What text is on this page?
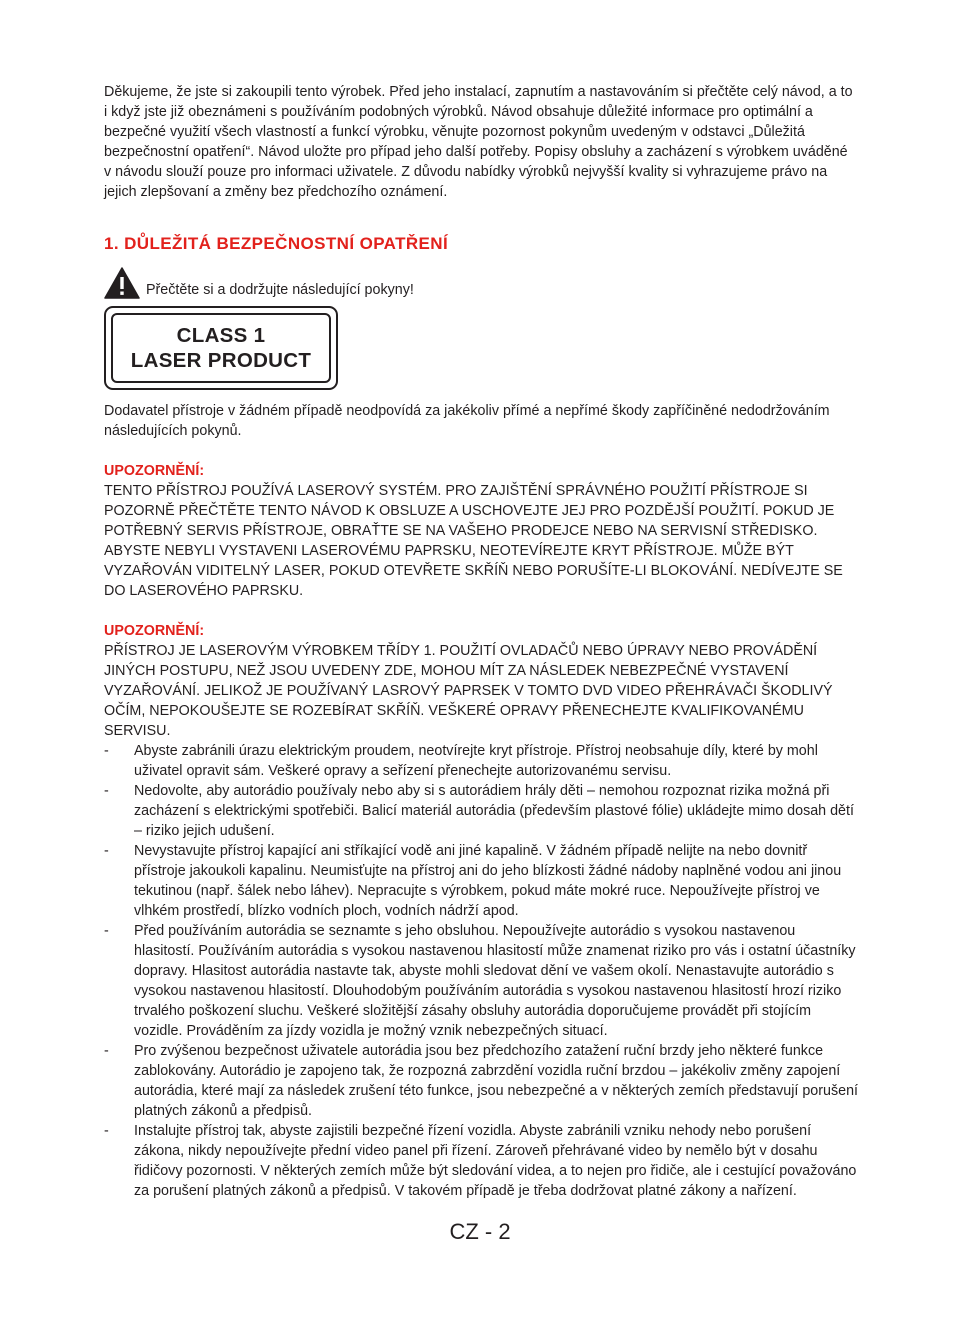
Děkujeme, že jste si zakoupili tento výrobek. Před jeho instalací, zapnutím a nastavováním si přečtěte celý návod, a to i když jste již obeznámeni s používáním podobných výrobků. Návod obsahuje důležité informace pro optimální a bezpečné využití všech vlastností a funkcí výrobku, věnujte pozornost pokynům uvedeným v odstavci „Důležitá bezpečnostní opatření“. Návod uložte pro případ jeho další potřeby. Popisy obsluhy a zacházení s výrobkem uváděné v návodu slouží pouze pro informaci uživatele. Z důvodu nabídky výrobků nejvyšší kvality si vyhrazujeme právo na jejich zlepšovaní a změny bez předchozího oznámení.

1. DŮLEŽITÁ BEZPEČNOSTNÍ OPATŘENÍ
Přečtěte si a dodržujte následující pokyny!
CLASS 1
LASER PRODUCT

Dodavatel přístroje v žádném případě neodpovídá za jakékoliv přímé a nepřímé škody zapříčiněné nedodržováním následujících pokynů.

UPOZORNĚNÍ:

TENTO PŘÍSTROJ POUŽÍVÁ LASEROVÝ SYSTÉM. PRO ZAJIŠTĚNÍ SPRÁVNÉHO POUŽITÍ PŘÍSTROJE SI POZORNĚ PŘEČTĚTE TENTO NÁVOD K OBSLUZE A USCHOVEJTE JEJ PRO POZDĚJŠÍ POUŽITÍ. POKUD JE POTŘEBNÝ SERVIS PŘÍSTROJE, OBRAŤTE SE NA VAŠEHO PRODEJCE NEBO NA SERVISNÍ STŘEDISKO. ABYSTE NEBYLI VYSTAVENI LASEROVÉMU PAPRSKU, NEOTEVÍREJTE KRYT PŘÍSTROJE. MŮŽE BÝT VYZAŘOVÁN VIDITELNÝ LASER, POKUD OTEVŘETE SKŘÍŇ NEBO PORUŠÍTE-LI BLOKOVÁNÍ. NEDÍVEJTE SE DO LASEROVÉHO PAPRSKU.

UPOZORNĚNÍ:

PŘÍSTROJ JE LASEROVÝM VÝROBKEM TŘÍDY 1. POUŽITÍ OVLADAČŮ NEBO ÚPRAVY NEBO PROVÁDĚNÍ JINÝCH POSTUPU, NEŽ JSOU UVEDENY ZDE, MOHOU MÍT ZA NÁSLEDEK NEBEZPEČNÉ VYSTAVENÍ VYZAŘOVÁNÍ. JELIKOŽ JE POUŽÍVANÝ LASROVÝ PAPRSEK V TOMTO DVD VIDEO PŘEHRÁVAČI ŠKODLIVÝ OČÍM, NEPOKOUŠEJTE SE ROZEBÍRAT SKŘÍŇ. VEŠKERÉ OPRAVY PŘENECHEJTE KVALIFIKOVANÉMU SERVISU.

- Abyste zabránili úrazu elektrickým proudem, neotvírejte kryt přístroje. Přístroj neobsahuje díly, které by mohl uživatel opravit sám. Veškeré opravy a seřízení přenechejte autorizovanému servisu.
- Nedovolte, aby autorádio používaly nebo aby si s autorádiem hrály děti – nemohou rozpoznat rizika možná při zacházení s elektrickými spotřebiči. Balicí materiál autorádia (především plastové fólie) ukládejte mimo dosah dětí – riziko jejich udušení.
- Nevystavujte přístroj kapající ani stříkající vodě ani jiné kapalině. V žádném případě nelijte na nebo dovnitř přístroje jakoukoli kapalinu. Neumisťujte na přístroj ani do jeho blízkosti žádné nádoby naplněné vodou ani jinou tekutinou (např. šálek nebo láhev). Nepracujte s výrobkem, pokud máte mokré ruce. Nepoužívejte přístroj ve vlhkém prostředí, blízko vodních ploch, vodních nádrží apod.
- Před používáním autorádia se seznamte s jeho obsluhou. Nepoužívejte autorádio s vysokou nastavenou hlasitostí. Používáním autorádia s vysokou nastavenou hlasitostí může znamenat riziko pro vás i ostatní účastníky dopravy. Hlasitost autorádia nastavte tak, abyste mohli sledovat dění ve vašem okolí. Nenastavujte autorádio s vysokou nastavenou hlasitostí. Dlouhodobým používáním autorádia s vysokou nastavenou hlasitostí hrozí riziko trvalého poškození sluchu. Veškeré složitější zásahy obsluhy autorádia doporučujeme provádět při stojícím vozidle. Prováděním za jízdy vozidla je možný vznik nebezpečných situací.
- Pro zvýšenou bezpečnost uživatele autorádia jsou bez předchozího zatažení ruční brzdy jeho některé funkce zablokovány. Autorádio je zapojeno tak, že rozpozná zabrzdění vozidla ruční brzdou – jakékoliv změny zapojení autorádia, které mají za následek zrušení této funkce, jsou nebezpečné a v některých zemích představují porušení platných zákonů a předpisů.
- Instalujte přístroj tak, abyste zajistili bezpečné řízení vozidla. Abyste zabránili vzniku nehody nebo porušení zákona, nikdy nepoužívejte přední video panel při řízení. Zároveň přehrávané video by nemělo být v dosahu řidičovy pozornosti. V některých zemích může být sledování videa, a to nejen pro řidiče, ale i cestující považováno za porušení platných zákonů a předpisů. V takovém případě je třeba dodržovat platné zákony a nařízení.
CZ - 2
